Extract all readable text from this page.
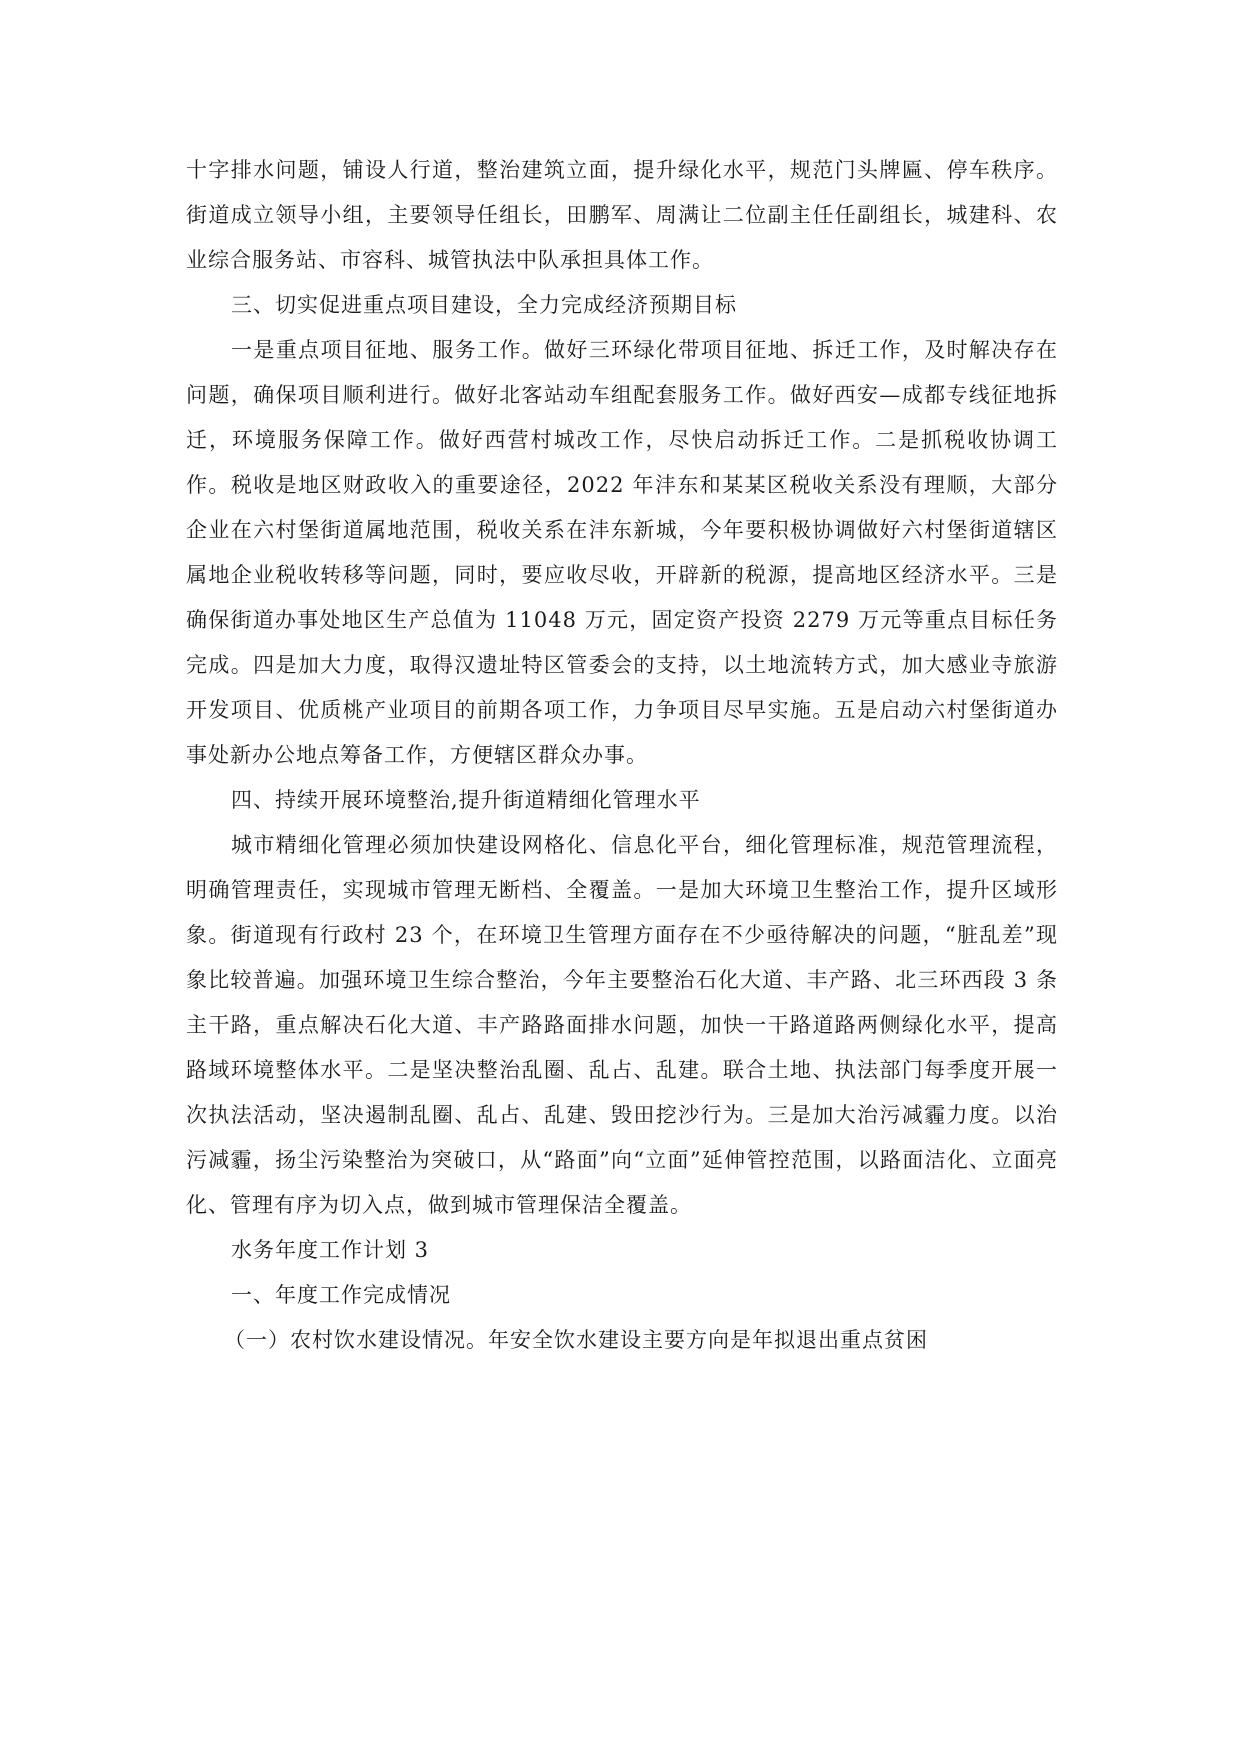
十字排水问题，铺设人行道，整治建筑立面，提升绿化水平，规范门头牌匾、停车秩序。街道成立领导小组，主要领导任组长，田鹏军、周满让二位副主任任副组长，城建科、农业综合服务站、市容科、城管执法中队承担具体工作。

三、切实促进重点项目建设，全力完成经济预期目标

一是重点项目征地、服务工作。做好三环绿化带项目征地、拆迁工作，及时解决存在问题，确保项目顺利进行。做好北客站动车组配套服务工作。做好西安—成都专线征地拆迁，环境服务保障工作。做好西营村城改工作，尽快启动拆迁工作。二是抓税收协调工作。税收是地区财政收入的重要途径，2022 年沣东和某某区税收关系没有理顺，大部分企业在六村堡街道属地范围，税收关系在沣东新城，今年要积极协调做好六村堡街道辖区属地企业税收转移等问题，同时，要应收尽收，开辟新的税源，提高地区经济水平。三是确保街道办事处地区生产总值为 11048 万元，固定资产投资 2279 万元等重点目标任务完成。四是加大力度，取得汉遗址特区管委会的支持，以土地流转方式，加大感业寺旅游开发项目、优质桃产业项目的前期各项工作，力争项目尽早实施。五是启动六村堡街道办事处新办公地点筹备工作，方便辖区群众办事。

四、持续开展环境整治,提升街道精细化管理水平

城市精细化管理必须加快建设网格化、信息化平台，细化管理标准，规范管理流程，明确管理责任，实现城市管理无断档、全覆盖。一是加大环境卫生整治工作，提升区域形象。街道现有行政村 23 个，在环境卫生管理方面存在不少亟待解决的问题，“脏乱差”现象比较普遍。加强环境卫生综合整治，今年主要整治石化大道、丰产路、北三环西段 3 条主干路，重点解决石化大道、丰产路路面排水问题，加快一干路道路两侧绿化水平，提高路域环境整体水平。二是坚决整治乱圈、乱占、乱建。联合土地、执法部门每季度开展一次执法活动，坚决遏制乱圈、乱占、乱建、毁田挖沙行为。三是加大治污减霾力度。以治污减霾，扬尘污染整治为突破口，从“路面”向“立面”延伸管控范围，以路面洁化、立面亮化、管理有序为切入点，做到城市管理保洁全覆盖。

水务年度工作计划 3

一、年度工作完成情况

（一）农村饮水建设情况。年安全饮水建设主要方向是年拟退出重点贫困
